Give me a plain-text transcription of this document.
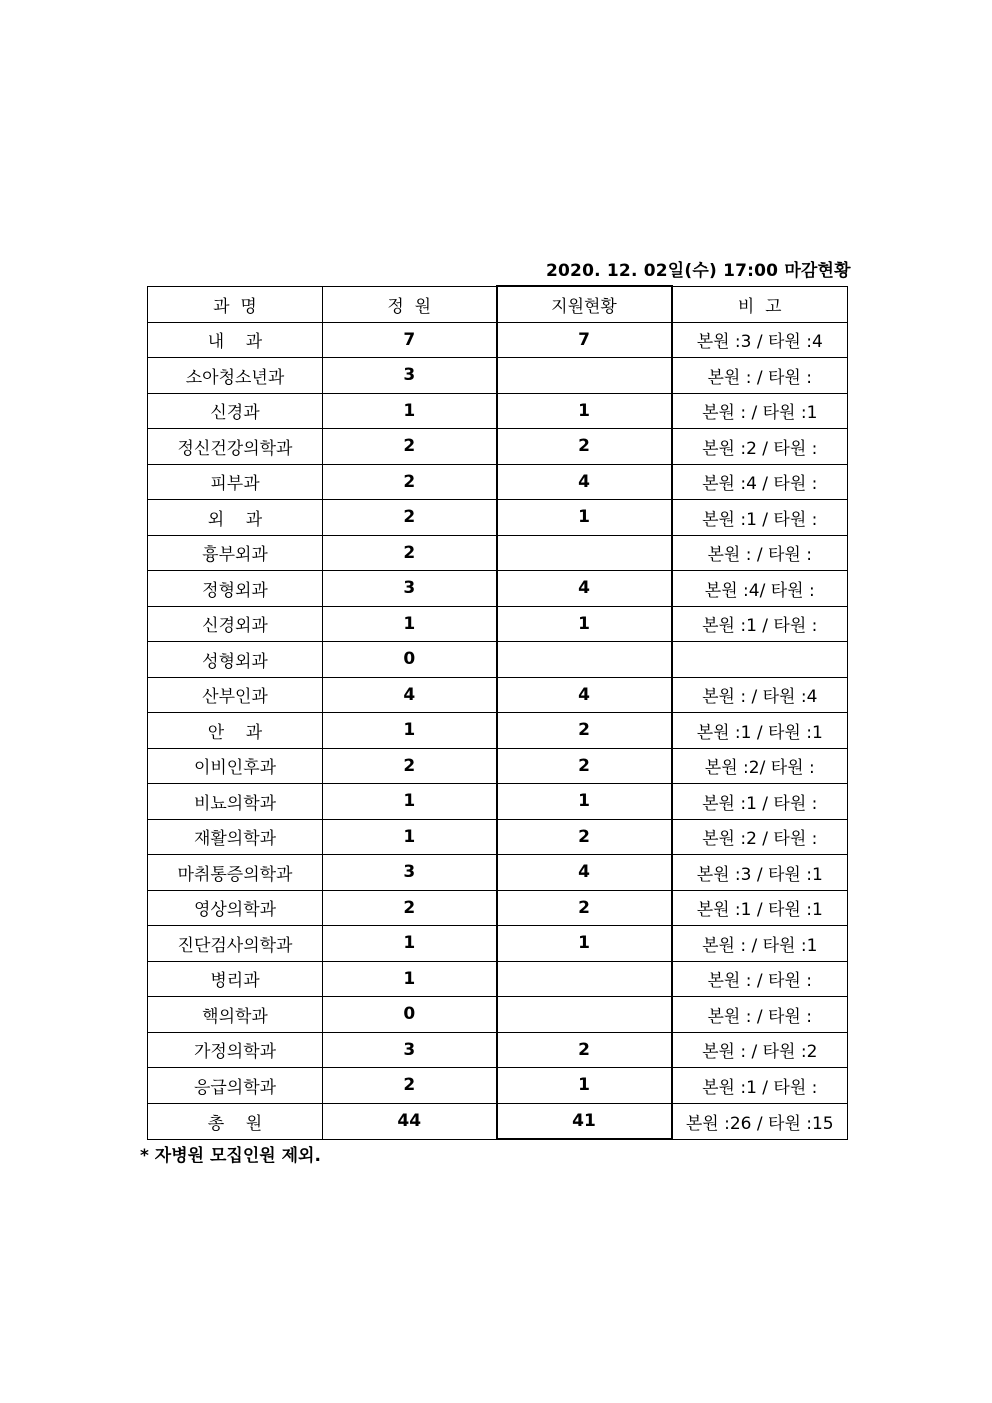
2020. 12. 02일(수) 17:00 마감현황
과  명	정  원	지원현황	비  고
내    과	7	7	본원 :3 / 타원 :4
소아청소년과	3		본원 : / 타원 :
신경과	1	1	본원 : / 타원 :1
정신건강의학과	2	2	본원 :2 / 타원 :
피부과	2	4	본원 :4 / 타원 :
외    과	2	1	본원 :1 / 타원 :
흉부외과	2		본원 : / 타원 :
정형외과	3	4	본원 :4/ 타원 :
신경외과	1	1	본원 :1 / 타원 :
성형외과	0		
산부인과	4	4	본원 : / 타원 :4
안    과	1	2	본원 :1 / 타원 :1
이비인후과	2	2	본원 :2/ 타원 :
비뇨의학과	1	1	본원 :1 / 타원 :
재활의학과	1	2	본원 :2 / 타원 :
마취통증의학과	3	4	본원 :3 / 타원 :1
영상의학과	2	2	본원 :1 / 타원 :1
진단검사의학과	1	1	본원 : / 타원 :1
병리과	1		본원 : / 타원 :
핵의학과	0		본원 : / 타원 :
가정의학과	3	2	본원 : / 타원 :2
응급의학과	2	1	본원 :1 / 타원 :
총    원	44	41	본원 :26 / 타원 :15
* 자병원 모집인원 제외.
